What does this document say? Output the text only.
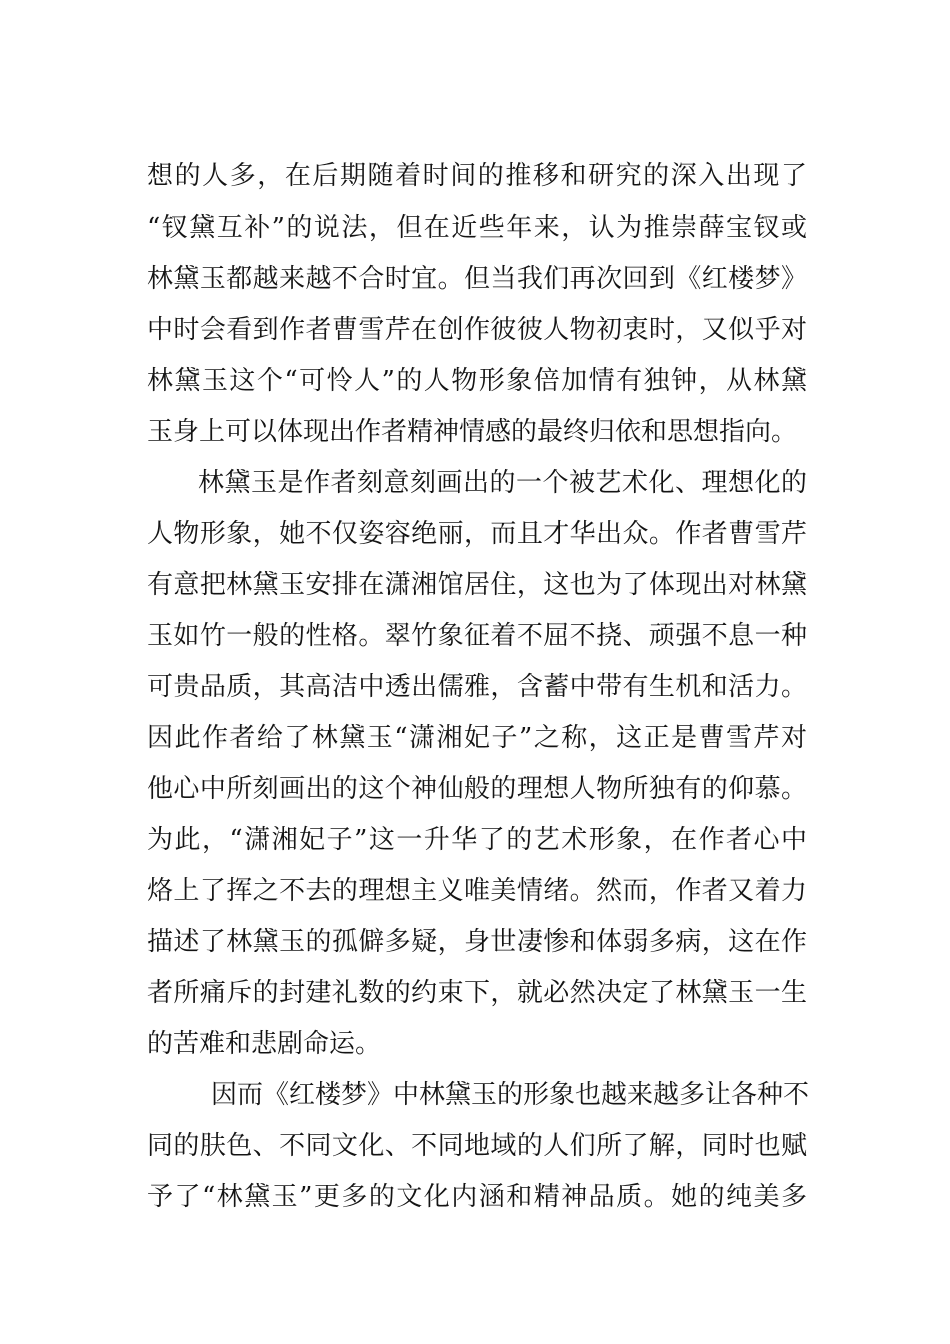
想的人多，在后期随着时间的推移和研究的深入出现了
“钗黛互补”的说法，但在近些年来，认为推崇薛宝钗或
林黛玉都越来越不合时宜。但当我们再次回到《红楼梦》
中时会看到作者曹雪芹在创作彼彼人物初衷时，又似乎对
林黛玉这个“可怜人”的人物形象倍加情有独钟，从林黛
玉身上可以体现出作者精神情感的最终归依和思想指向。
林黛玉是作者刻意刻画出的一个被艺术化、理想化的
人物形象，她不仅姿容绝丽，而且才华出众。作者曹雪芹
有意把林黛玉安排在潇湘馆居住，这也为了体现出对林黛
玉如竹一般的性格。翠竹象征着不屈不挠、顽强不息一种
可贵品质，其高洁中透出儒雅，含蓄中带有生机和活力。
因此作者给了林黛玉“潇湘妃子”之称，这正是曹雪芹对
他心中所刻画出的这个神仙般的理想人物所独有的仰慕。
为此，“潇湘妃子”这一升华了的艺术形象，在作者心中
烙上了挥之不去的理想主义唯美情绪。然而，作者又着力
描述了林黛玉的孤僻多疑，身世凄惨和体弱多病，这在作
者所痛斥的封建礼数的约束下，就必然决定了林黛玉一生
的苦难和悲剧命运。
因而《红楼梦》中林黛玉的形象也越来越多让各种不
同的肤色、不同文化、不同地域的人们所了解，同时也赋
予了“林黛玉”更多的文化内涵和精神品质。她的纯美多
